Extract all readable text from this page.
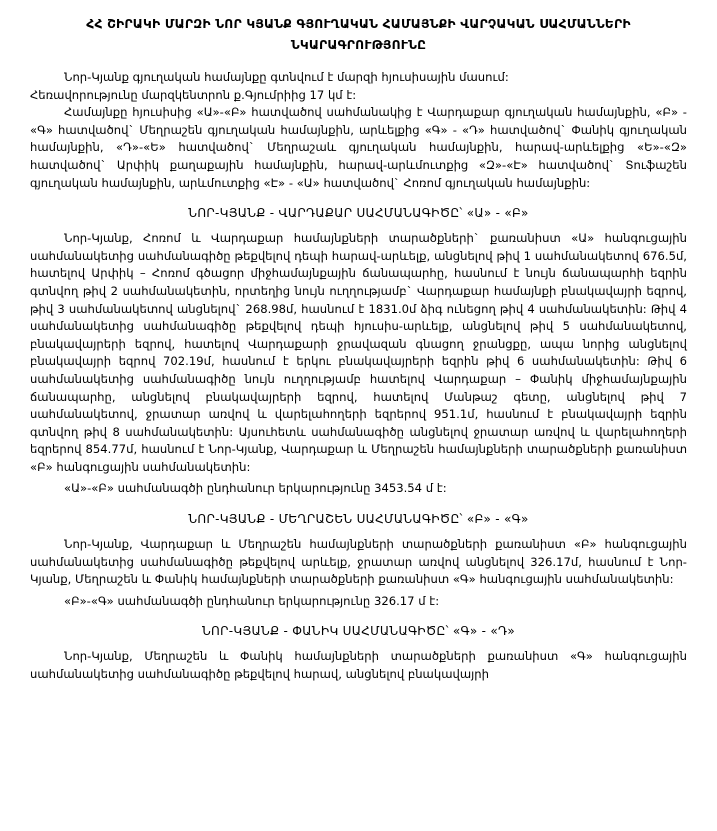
ՀՀ ՇԻՐԱԿԻ ՄԱՐԶԻ ՆՈՐ ԿՅԱՆՔ ԳՅՈՒՂԱԿԱՆ ՀԱՄԱՅՆՔԻ ՎԱՐՉԱԿԱՆ ՍԱՀՄԱՆՆԵՐԻ
ՆԿԱՐԱԳՐՈՒԹՅՈՒՆԸ

Նոր-Կյանք գյուղական համայնքը գտնվում է մարզի հյուսիսային մասում:

Հեռավորությունը մարզկենտրոն ք.Գյումրիից 17 կմ է:

Համայնքը հյուսիսից «Ա»-«Բ» հատվածով սահմանակից է Վարդաքար գյուղական համայնքին, «Բ» - «Գ» հատվածով` Մեղրաշեն գյուղական համայնքին, արևելքից «Գ» - «Դ» հատվածով` Փանիկ գյուղական համայնքին, «Դ»-«Ե» հատվածով` Մեղրաշաև գյուղական համայնքին, հարավ-արևելքից «Ե»-«Զ» հատվածով` Արփիկ քաղաքային համայնքին, հարավ-արևմուտքից «Զ»-«Է» հատվածով` Տուֆաշեն գյուղական համայնքին, արևմուտքից «Է» - «Ա» հատվածով` Հոռոմ գյուղական համայնքին:

ՆՈՐ-ԿՅԱՆՔ - ՎԱՐԴԱՔԱՐ ՍԱՀՄԱՆԱԳԻԾԸ՝ «Ա» - «Բ»

Նոր-Կյանք, Հոռոմ և Վարդաքար համայնքների տարածքների` քառանիստ «Ա» հանգուցային սահմանակետից սահմանագիծը թեքվելով դեպի հարավ-արևելք, անցնելով թիվ 1 սահմանակետով 676.5մ, հատելով Արփիկ – Հոռոմ գծացոր միջհամայնքային ճանապարհը, հասնում է նույն ճանապարհի եզրին գտնվող թիվ 2 սահմանակետին, որտեղից նույն ուղղությամբ` Վարդաքար համայնքի բնակավայրի եզրով, թիվ 3 սահմանակետով անցնելով` 268.98մ, հասնում է 1831.0մ ձիգ ունեցող թիվ 4 սահմանակետին: Թիվ 4 սահմանակետից սահմանագիծը թեքվելով դեպի հյուսիս-արևելք, անցնելով թիվ 5 սահմանակետով, բնակավայրերի եզրով, հատելով Վարդաքարի ջրավազան գնացող ջրանցքը, ապա նորից անցնելով բնակավայրի եզրով 702.19մ, հասնում է երկու բնակավայրերի եզրին թիվ 6 սահմանակետին: Թիվ 6 սահմանակետից սահմանագիծը նույն ուղղությամբ հատելով Վարդաքար – Փանիկ միջհամայնքային ճանապարհը, անցնելով բնակավայրերի եզրով, հատելով Մանթաշ գետը, անցնելով թիվ 7 սահմանակետով, ջրատար առվով և վարելահողերի եզրերով 951.1մ, հասնում է բնակավայրի եզրին գտնվող թիվ 8 սահմանակետին: Այսուհետև սահմանագիծը անցնելով ջրատար առվով և վարելահողերի եզրերով 854.77մ, հասնում է Նոր-Կյանք, Վարդաքար և Մեղրաշեն համայնքների տարածքների քառանիստ «Բ» հանգուցային սահմանակետին:

«Ա»-«Բ» սահմանագծի ընդհանուր երկարությունը 3453.54 մ է:

ՆՈՐ-ԿՅԱՆՔ - ՄԵՂՐԱՇԵՆ ՍԱՀՄԱՆԱԳԻԾԸ՝ «Բ» - «Գ»

Նոր-Կյանք, Վարդաքար և Մեղրաշեն համայնքների տարածքների քառանիստ «Բ» հանգուցային սահմանակետից սահմանագիծը թեքվելով արևելք, ջրատար առվով անցնելով 326.17մ, հասնում է Նոր-Կյանք, Մեղրաշեն և Փանիկ համայնքների տարածքների քառանիստ «Գ» հանգուցային սահմանակետին:

«Բ»-«Գ» սահմանագծի ընդհանուր երկարությունը 326.17 մ է:

ՆՈՐ-ԿՅԱՆՔ - ՓԱՆԻԿ ՍԱՀՄԱՆԱԳԻԾԸ՝ «Գ» - «Դ»

Նոր-Կյանք, Մեղրաշեն և Փանիկ համայնքների տարածքների քառանիստ «Գ» հանգուցային սահմանակետից սահմանագիծը թեքվելով հարավ, անցնելով բնակավայրի
